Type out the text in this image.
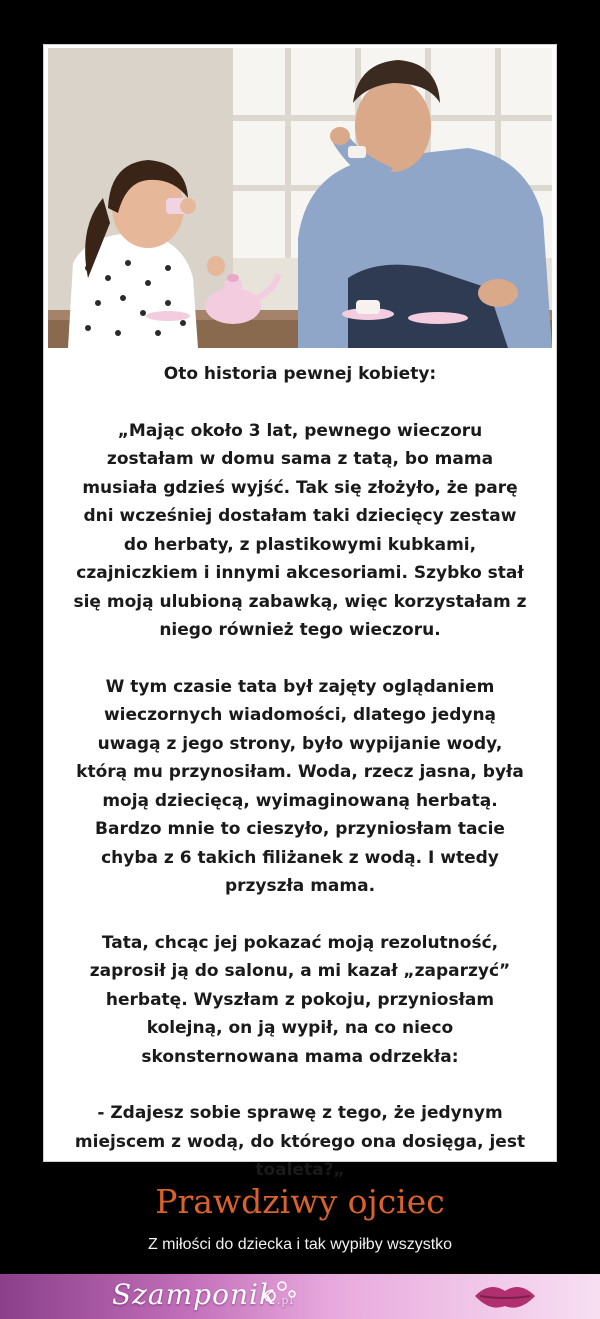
Oto historia pewnej kobiety:

„Mając około 3 lat, pewnego wieczoru zostałam w domu sama z tatą, bo mama musiała gdzieś wyjść. Tak się złożyło, że parę dni wcześniej dostałam taki dziecięcy zestaw do herbaty, z plastikowymi kubkami, czajniczkiem i innymi akcesoriami. Szybko stał się moją ulubioną zabawką, więc korzystałam z niego również tego wieczoru.

W tym czasie tata był zajęty oglądaniem wieczornych wiadomości, dlatego jedyną uwagą z jego strony, było wypijanie wody, którą mu przynosiłam. Woda, rzecz jasna, była moją dziecięcą, wyimaginowaną herbatą. Bardzo mnie to cieszyło, przyniosłam tacie chyba z 6 takich filiżanek z wodą. I wtedy przyszła mama.

Tata, chcąc jej pokazać moją rezolutność, zaprosił ją do salonu, a mi kazał „zaparzyć” herbatę. Wyszłam z pokoju, przyniosłam kolejną, on ją wypił, na co nieco skonsternowana mama odrzekła:

- Zdajesz sobie sprawę z tego, że jedynym miejscem z wodą, do którego ona dosięga, jest toaleta?„

Prawdziwy ojciec
Z miłości do dziecka i tak wypiłby wszystko
Szamponik.pl
